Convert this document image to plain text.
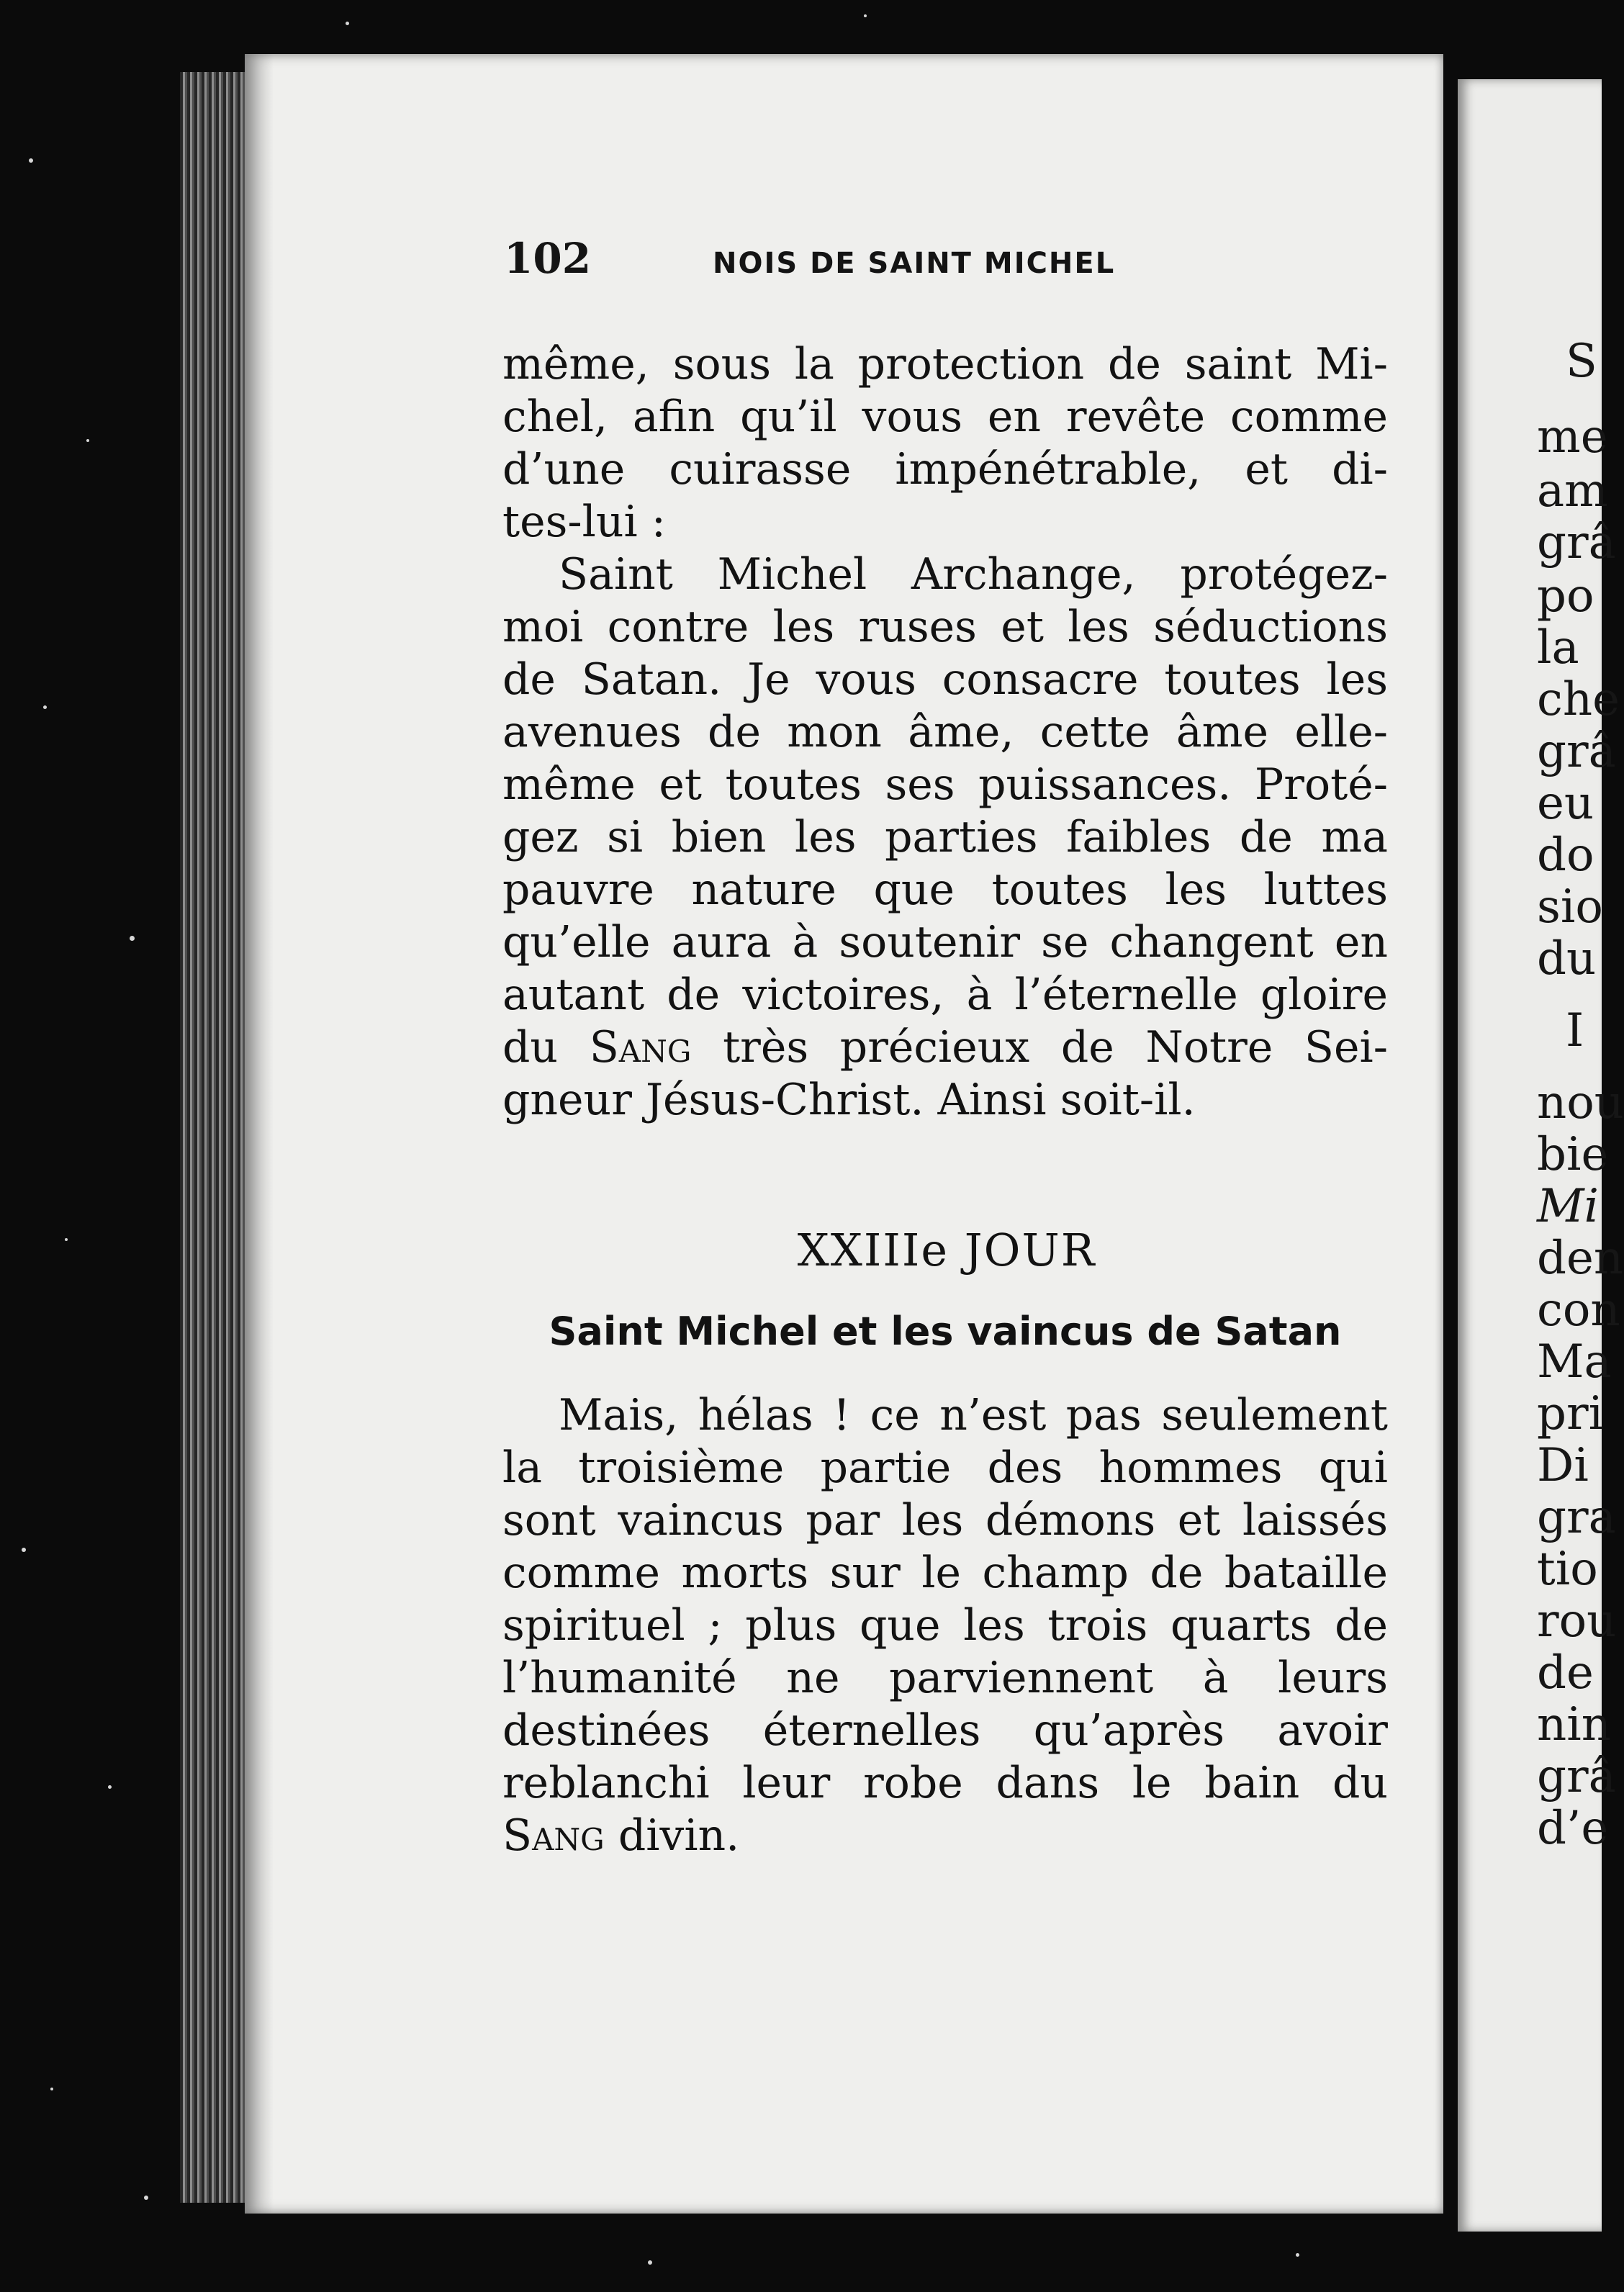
S
me
am
grâ
po
la
che
grâ
eu
do
sio
du
I
nou
bie
Mi
den
con
Ma
pri
Di
gra
tio
rou
de
nin
grâ
d’e
102	NOIS DE SAINT MICHEL
même, sous la protection de saint Mi-
chel, afin qu’il vous en revête comme
d’une cuirasse impénétrable, et di-
tes-lui :
Saint Michel Archange, protégez-
moi contre les ruses et les séductions
de Satan. Je vous consacre toutes les
avenues de mon âme, cette âme elle-
même et toutes ses puissances. Proté-
gez si bien les parties faibles de ma
pauvre nature que toutes les luttes
qu’elle aura à soutenir se changent en
autant de victoires, à l’éternelle gloire
du Sang très précieux de Notre Sei-
gneur Jésus-Christ. Ainsi soit-il.
XXIIIe JOUR
Saint Michel et les vaincus de Satan
Mais, hélas ! ce n’est pas seulement
la troisième partie des hommes qui
sont vaincus par les démons et laissés
comme morts sur le champ de bataille
spirituel ; plus que les trois quarts de
l’humanité ne parviennent à leurs
destinées éternelles qu’après avoir
reblanchi leur robe dans le bain du
Sang divin.
